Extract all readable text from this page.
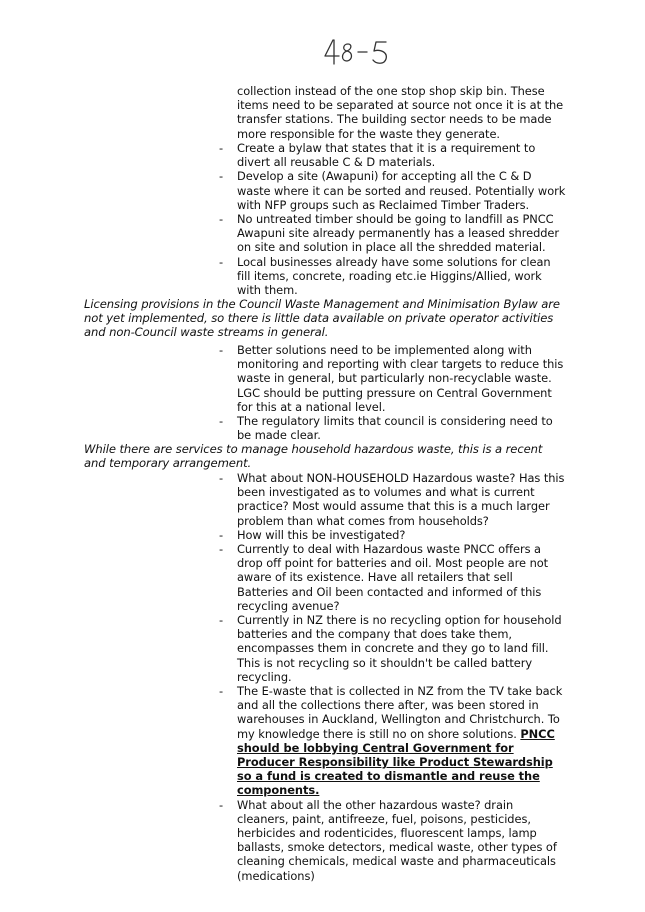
collection instead of the one stop shop skip bin. These items need to be separated at source not once it is at the transfer stations. The building sector needs to be made more responsible for the waste they generate.
- Create a bylaw that states that it is a requirement to divert all reusable C & D materials.
- Develop a site (Awapuni) for accepting all the C & D waste where it can be sorted and reused. Potentially work with NFP groups such as Reclaimed Timber Traders.
- No untreated timber should be going to landfill as PNCC Awapuni site already permanently has a leased shredder on site and solution in place all the shredded material.
- Local businesses already have some solutions for clean fill items, concrete, roading etc.ie Higgins/Allied, work with them.

Licensing provisions in the Council Waste Management and Minimisation Bylaw are not yet implemented, so there is little data available on private operator activities and non-Council waste streams in general.

- Better solutions need to be implemented along with monitoring and reporting with clear targets to reduce this waste in general, but particularly non-recyclable waste. LGC should be putting pressure on Central Government for this at a national level.
- The regulatory limits that council is considering need to be made clear.

While there are services to manage household hazardous waste, this is a recent and temporary arrangement.

- What about NON-HOUSEHOLD Hazardous waste? Has this been investigated as to volumes and what is current practice? Most would assume that this is a much larger problem than what comes from households?
- How will this be investigated?
- Currently to deal with Hazardous waste PNCC offers a drop off point for batteries and oil. Most people are not aware of its existence. Have all retailers that sell Batteries and Oil been contacted and informed of this recycling avenue?
- Currently in NZ there is no recycling option for household batteries and the company that does take them, encompasses them in concrete and they go to land fill. This is not recycling so it shouldn't be called battery recycling.
- The E-waste that is collected in NZ from the TV take back and all the collections there after, was been stored in warehouses in Auckland, Wellington and Christchurch. To my knowledge there is still no on shore solutions. PNCC should be lobbying Central Government for Producer Responsibility like Product Stewardship so a fund is created to dismantle and reuse the components.
- What about all the other hazardous waste? drain cleaners, paint, antifreeze, fuel, poisons, pesticides, herbicides and rodenticides, fluorescent lamps, lamp ballasts, smoke detectors, medical waste, other types of cleaning chemicals, medical waste and pharmaceuticals (medications)
